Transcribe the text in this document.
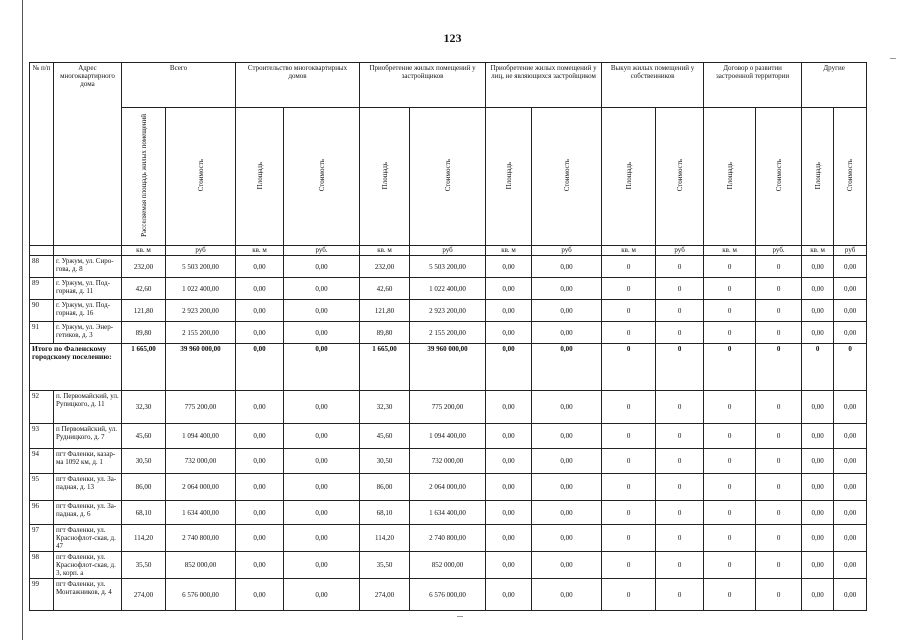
123
№ п/п	Адрес многоквартирного дома	Всего		Строительство многоквартирных домов		Приобретение жилых помещений у застройщиков		Приобретение жилых помещений у лиц, не являющихся застройщиком		Выкуп жилых помещений у собственников		Договор о развитии застроенной территории		Другие	
		Расселяемая площадь жилых помещений	Стоимость	Площадь	Стоимость	Площадь	Стоимость	Площадь	Стоимость	Площадь	Стоимость	Площадь	Стоимость	Площадь	Стоимость
		кв. м	руб	кв. м	руб.	кв. м	руб	кв. м	руб	кв. м	руб	кв. м	руб.	кв. м	руб
88	г. Уржум, ул. Сиро-гова, д. 8	232,00	5 503 200,00	0,00	0,00	232,00	5 503 200,00	0,00	0,00	0	0	0	0	0,00	0,00
89	г. Уржум, ул. Под-горная, д. 11	42,60	1 022 400,00	0,00	0,00	42,60	1 022 400,00	0,00	0,00	0	0	0	0	0,00	0,00
90	г. Уржум, ул. Под-горная, д. 16	121,80	2 923 200,00	0,00	0,00	121,80	2 923 200,00	0,00	0,00	0	0	0	0	0,00	0,00
91	г. Уржум, ул. Энер-гетиков, д. 3	89,80	2 155 200,00	0,00	0,00	89,80	2 155 200,00	0,00	0,00	0	0	0	0	0,00	0,00
Итого по Фаленскому городскому поселению:		1 665,00	39 960 000,00	0,00	0,00	1 665,00	39 960 000,00	0,00	0,00	0	0	0	0	0	0
92	п. Первомайский, ул. Рупицкого, д. 11	32,30	775 200,00	0,00	0,00	32,30	775 200,00	0,00	0,00	0	0	0	0	0,00	0,00
93	п Первомайский, ул. Рудницкого, д. 7	45,60	1 094 400,00	0,00	0,00	45,60	1 094 400,00	0,00	0,00	0	0	0	0	0,00	0,00
94	пгт Фаленки, казар-ма 1092 км, д. 1	30,50	732 000,00	0,00	0,00	30,50	732 000,00	0,00	0,00	0	0	0	0	0,00	0,00
95	пгт Фаленки, ул. За-падная, д. 13	86,00	2 064 000,00	0,00	0,00	86,00	2 064 000,00	0,00	0,00	0	0	0	0	0,00	0,00
96	пгт Фаленки, ул. За-падная, д. 6	68,10	1 634 400,00	0,00	0,00	68,10	1 634 400,00	0,00	0,00	0	0	0	0	0,00	0,00
97	пгт Фаленки, ул. Краснофлот-ская, д. 47	114,20	2 740 800,00	0,00	0,00	114,20	2 740 800,00	0,00	0,00	0	0	0	0	0,00	0,00
98	пгт Фаленки, ул. Краснофлот-ская, д. 3, корп. а	35,50	852 000,00	0,00	0,00	35,50	852 000,00	0,00	0,00	0	0	0	0	0,00	0,00
99	пгт Фаленки, ул. Монтажников, д. 4	274,00	6 576 000,00	0,00	0,00	274,00	6 576 000,00	0,00	0,00	0	0	0	0	0,00	0,00
